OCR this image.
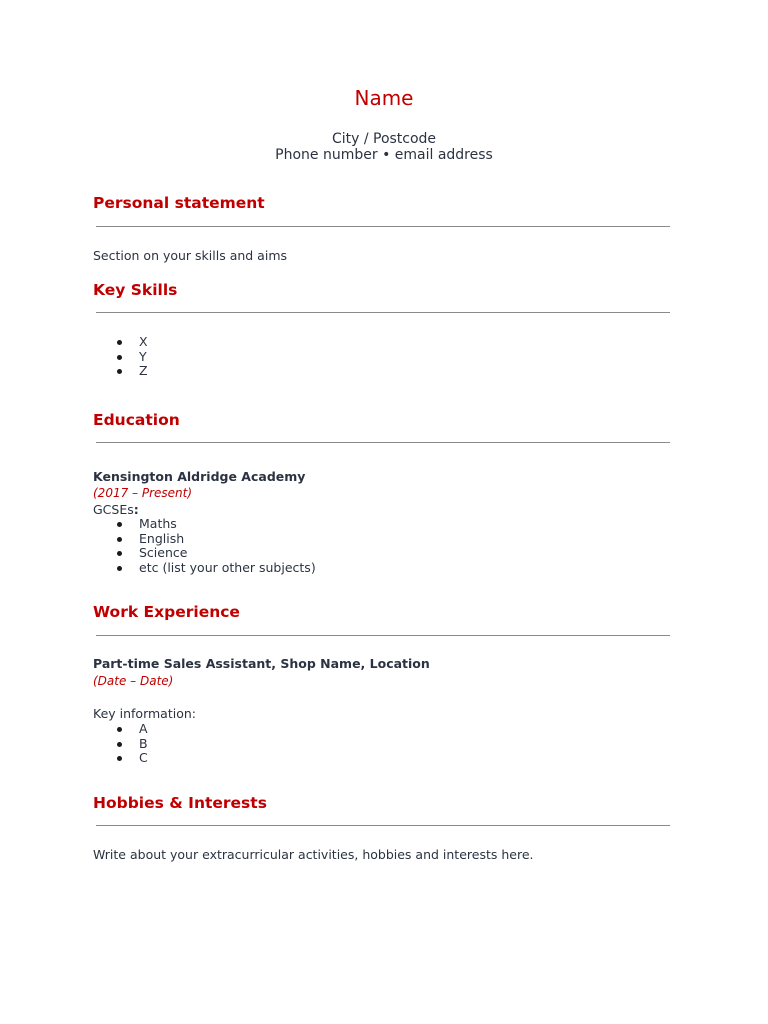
Name
City / Postcode
Phone number • email address
Personal statement

Section on your skills and aims

Key Skills
X
Y
Z
Education

Kensington Aldridge Academy

(2017 – Present)

GCSEs:

Maths
English
Science
etc (list your other subjects)
Work Experience

Part-time Sales Assistant, Shop Name, Location

(Date – Date)

Key information:

A
B
C
Hobbies & Interests

Write about your extracurricular activities, hobbies and interests here.
